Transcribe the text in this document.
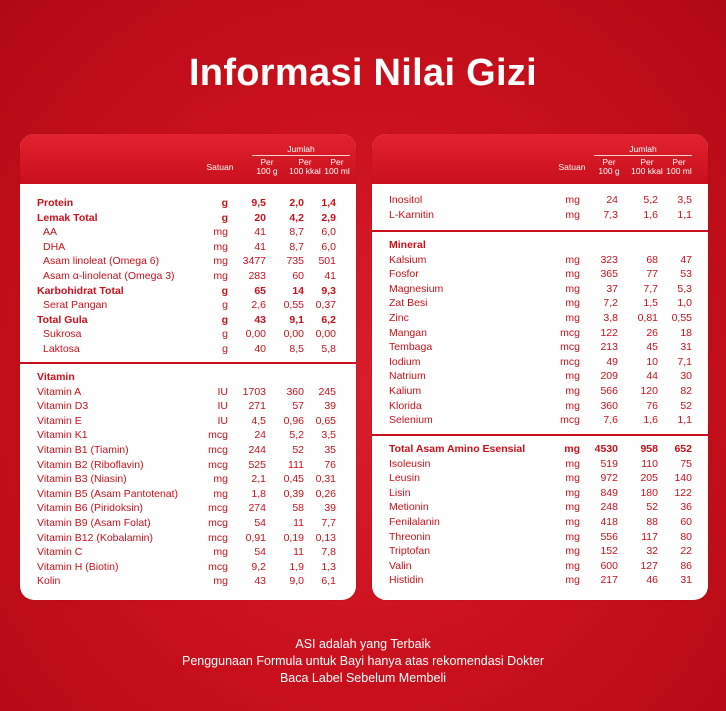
Informasi Nilai Gizi
Satuan
Jumlah
Per
100 g
Per
100 kkal
Per
100 ml
Protein	g 9,5 2,0 1,4
Lemak Total	g	20 4,2 2,9
AA	mg	41 8,7 6,0
DHA	mg	41 8,7 6,0
Asam linoleat (Omega 6)	mg 3477 735 501
Asam α-linolenat (Omega 3)	mg 283	60 41
Karbohidrat Total	g	65	14 9,3
Serat Pangan	g 2,6 0,55 0,37
Total Gula	g	43 9,1 6,2
Sukrosa	g 0,00 0,00 0,00
Laktosa	g	40 8,5 5,8
Vitamin
Vitamin A	IU 1703 360 245
Vitamin D3	IU 271	57 39
Vitamin E	IU 4,5 0,96 0,65
Vitamin K1	mcg	24 5,2 3,5
Vitamin B1 (Tiamin)	mcg 244	52 35
Vitamin B2 (Riboflavin)	mcg 525 111 76
Vitamin B3 (Niasin)	mg 2,1 0,45 0,31
Vitamin B5 (Asam Pantotenat)	mg 1,8 0,39 0,26
Vitamin B6 (Piridoksin)	mcg 274	58 39
Vitamin B9 (Asam Folat)	mcg	54	11 7,7
Vitamin B12 (Kobalamin)	mcg 0,91 0,19 0,13
Vitamin C	mg	54	11 7,8
Vitamin H (Biotin)	mcg 9,2 1,9 1,3
Kolin	mg	43 9,0 6,1
Satuan
Jumlah
Per
100 g
Per
100 kkal
Per
100 ml
Inositol	mg	24 5,2 3,5
L-Karnitin	mg 7,3 1,6 1,1
Mineral
Kalsium	mg 323	68 47
Fosfor	mg 365	77 53
Magnesium	mg	37 7,7 5,3
Zat Besi	mg 7,2 1,5 1,0
Zinc	mg 3,8 0,81 0,55
Mangan	mcg 122	26 18
Tembaga	mcg 213	45 31
Iodium	mcg	49	10 7,1
Natrium	mg 209	44 30
Kalium	mg 566 120 82
Klorida	mg 360	76 52
Selenium	mcg 7,6 1,6 1,1
Total Asam Amino Esensial	mg 4530 958 652
Isoleusin	mg 519 110 75
Leusin	mg 972 205 140
Lisin	mg 849 180 122
Metionin	mg 248	52 36
Fenilalanin	mg 418	88 60
Threonin	mg 556 117 80
Triptofan	mg 152	32 22
Valin	mg 600 127 86
Histidin	mg 217	46 31
ASI adalah yang Terbaik
Penggunaan Formula untuk Bayi hanya atas rekomendasi Dokter
Baca Label Sebelum Membeli
